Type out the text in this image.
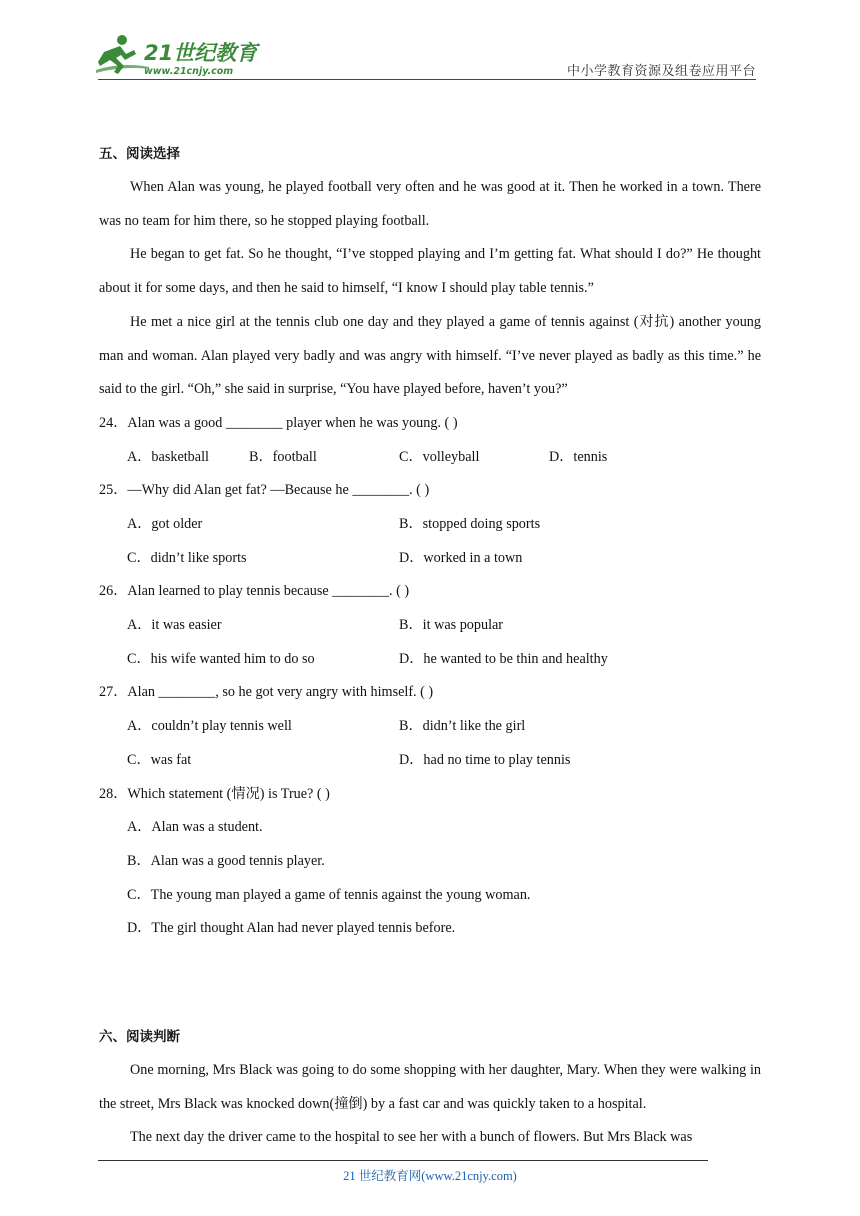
21世纪教育
www.21cnjy.com	中小学教育资源及组卷应用平台
五、阅读选择

When Alan was young, he played football very often and he was good at it. Then he worked in a town. There was no team for him there, so he stopped playing football.

He began to get fat. So he thought, “I’ve stopped playing and I’m getting fat. What should I do?” He thought about it for some days, and then he said to himself, “I know I should play table tennis.”

He met a nice girl at the tennis club one day and they played a game of tennis against (对抗) another young man and woman. Alan played very badly and was angry with himself. “I’ve never played as badly as this time.” he said to the girl. “Oh,” she said in surprise, “You have played before, haven’t you?”

24．Alan was a good ________ player when he was young. ( )
A．basketball	B．football	C．volleyball	D．tennis
25．—Why did Alan get fat? —Because he ________. ( )
A．got older	B．stopped doing sports
C．didn’t like sports	D．worked in a town
26．Alan learned to play tennis because ________. ( )
A．it was easier	B．it was popular
C．his wife wanted him to do so	D．he wanted to be thin and healthy
27．Alan ________, so he got very angry with himself. ( )
A．couldn’t play tennis well	B．didn’t like the girl
C．was fat	D．had no time to play tennis
28．Which statement (情况) is True? ( )
A．Alan was a student.
B．Alan was a good tennis player.
C．The young man played a game of tennis against the young woman.
D．The girl thought Alan had never played tennis before.
六、阅读判断

One morning, Mrs Black was going to do some shopping with her daughter, Mary. When they were walking in the street, Mrs Black was knocked down(撞倒) by a fast car and was quickly taken to a hospital.

The next day the driver came to the hospital to see her with a bunch of flowers. But Mrs Black was

21 世纪教育网(www.21cnjy.com)
